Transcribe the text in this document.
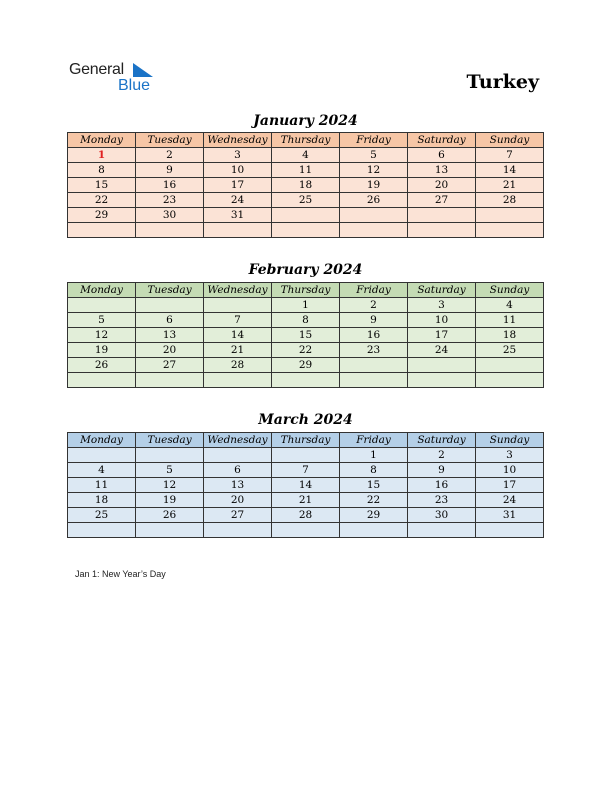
General
Blue	Turkey
January 2024
Monday	Tuesday	Wednesday	Thursday	Friday	Saturday	Sunday
1	2	3	4	5	6	7
8	9	10	11	12	13	14
15	16	17	18	19	20	21
22	23	24	25	26	27	28
29	30	31				

February 2024
Monday	Tuesday	Wednesday	Thursday	Friday	Saturday	Sunday
			1	2	3	4
5	6	7	8	9	10	11
12	13	14	15	16	17	18
19	20	21	22	23	24	25
26	27	28	29			

March 2024
Monday	Tuesday	Wednesday	Thursday	Friday	Saturday	Sunday
				1	2	3
4	5	6	7	8	9	10
11	12	13	14	15	16	17
18	19	20	21	22	23	24
25	26	27	28	29	30	31

Jan 1: New Year’s Day
